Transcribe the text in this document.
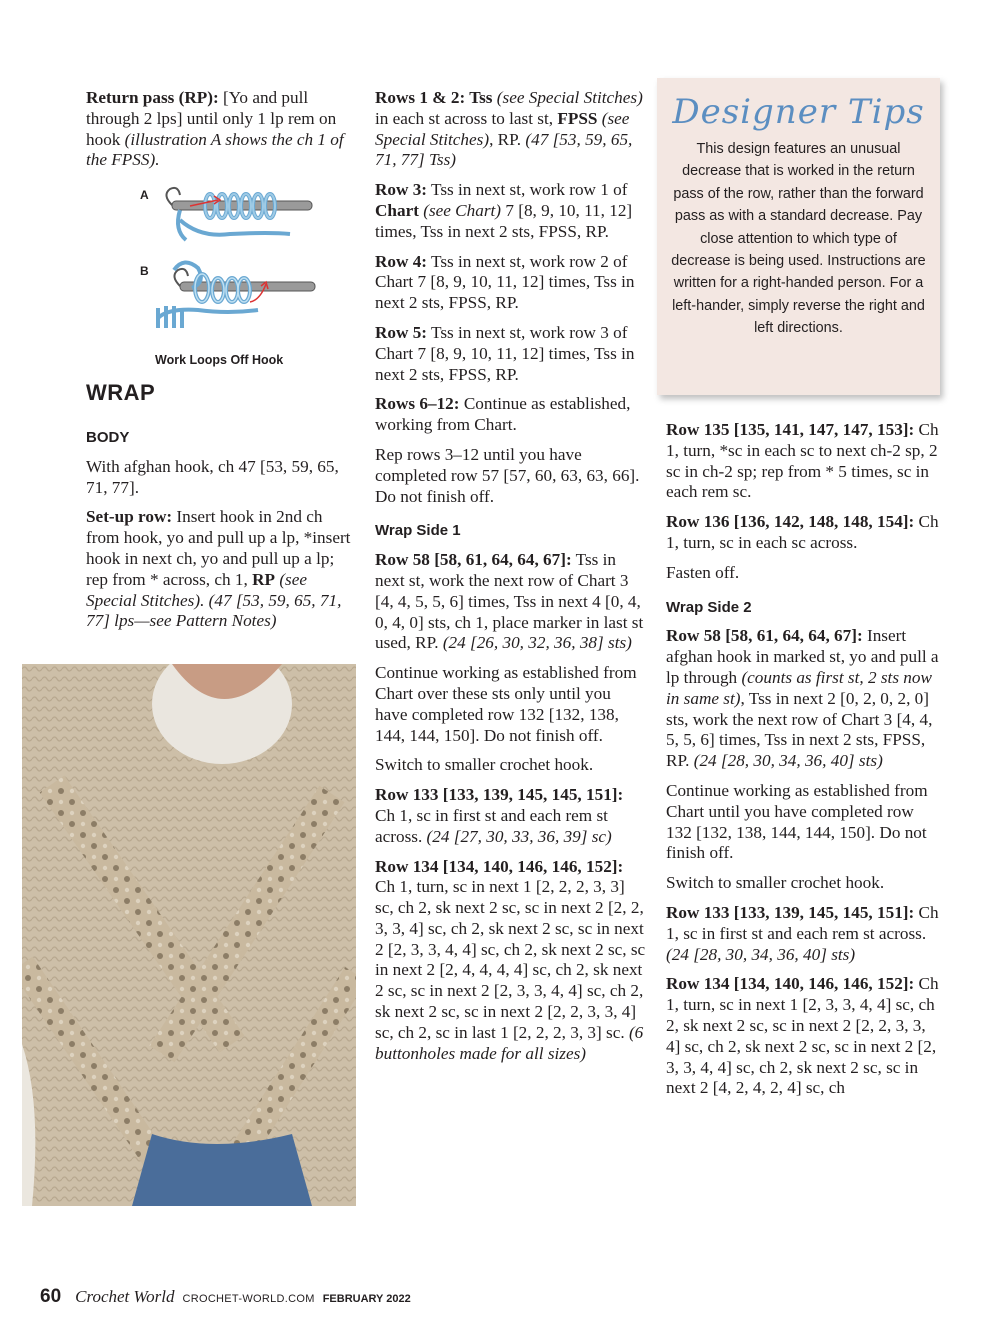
Return pass (RP): [Yo and pull through 2 lps] until only 1 lp rem on hook (illustration A shows the ch 1 of the FPSS).

A
B
Work Loops Off Hook
WRAP
BODY

With afghan hook, ch 47 [53, 59, 65, 71, 77].

Set-up row: Insert hook in 2nd ch from hook, yo and pull up a lp, *insert hook in next ch, yo and pull up a lp; rep from * across, ch 1, RP (see Special Stitches). (47 [53, 59, 65, 71, 77] lps—see Pattern Notes)

Rows 1 & 2: Tss (see Special Stitches) in each st across to last st, FPSS (see Special Stitches), RP. (47 [53, 59, 65, 71, 77] Tss)

Row 3: Tss in next st, work row 1 of Chart (see Chart) 7 [8, 9, 10, 11, 12] times, Tss in next 2 sts, FPSS, RP.

Row 4: Tss in next st, work row 2 of Chart 7 [8, 9, 10, 11, 12] times, Tss in next 2 sts, FPSS, RP.

Row 5: Tss in next st, work row 3 of Chart 7 [8, 9, 10, 11, 12] times, Tss in next 2 sts, FPSS, RP.

Rows 6–12: Continue as established, working from Chart.

Rep rows 3–12 until you have completed row 57 [57, 60, 63, 63, 66]. Do not finish off.

Wrap Side 1

Row 58 [58, 61, 64, 64, 67]: Tss in next st, work the next row of Chart 3 [4, 4, 5, 5, 6] times, Tss in next 4 [0, 4, 0, 4, 0] sts, ch 1, place marker in last st used, RP. (24 [26, 30, 32, 36, 38] sts)

Continue working as established from Chart over these sts only until you have completed row 132 [132, 138, 144, 144, 150]. Do not finish off.

Switch to smaller crochet hook.

Row 133 [133, 139, 145, 145, 151]: Ch 1, sc in first st and each rem st across. (24 [27, 30, 33, 36, 39] sc)

Row 134 [134, 140, 146, 146, 152]: Ch 1, turn, sc in next 1 [2, 2, 2, 3, 3] sc, ch 2, sk next 2 sc, sc in next 2 [2, 2, 3, 3, 4] sc, ch 2, sk next 2 sc, sc in next 2 [2, 3, 3, 4, 4] sc, ch 2, sk next 2 sc, sc in next 2 [2, 4, 4, 4, 4] sc, ch 2, sk next 2 sc, sc in next 2 [2, 3, 3, 4, 4] sc, ch 2, sk next 2 sc, sc in next 2 [2, 2, 3, 3, 4] sc, ch 2, sc in last 1 [2, 2, 2, 3, 3] sc. (6 buttonholes made for all sizes)

Designer Tips
This design features an unusual decrease that is worked in the return pass of the row, rather than the forward pass as with a standard decrease. Pay close attention to which type of decrease is being used. Instructions are written for a right-handed person. For a left-hander, simply reverse the right and left directions.

Row 135 [135, 141, 147, 147, 153]: Ch 1, turn, *sc in each sc to next ch-2 sp, 2 sc in ch-2 sp; rep from * 5 times, sc in each rem sc.

Row 136 [136, 142, 148, 148, 154]: Ch 1, turn, sc in each sc across.

Fasten off.

Wrap Side 2

Row 58 [58, 61, 64, 64, 67]: Insert afghan hook in marked st, yo and pull a lp through (counts as first st, 2 sts now in same st), Tss in next 2 [0, 2, 0, 2, 0] sts, work the next row of Chart 3 [4, 4, 5, 5, 6] times, Tss in next 2 sts, FPSS, RP. (24 [28, 30, 34, 36, 40] sts)

Continue working as established from Chart until you have completed row 132 [132, 138, 144, 144, 150]. Do not finish off.

Switch to smaller crochet hook.

Row 133 [133, 139, 145, 145, 151]: Ch 1, sc in first st and each rem st across. (24 [28, 30, 34, 36, 40] sts)

Row 134 [134, 140, 146, 146, 152]: Ch 1, turn, sc in next 1 [2, 3, 3, 4, 4] sc, ch 2, sk next 2 sc, sc in next 2 [2, 2, 3, 3, 4] sc, ch 2, sk next 2 sc, sc in next 2 [2, 3, 3, 4, 4] sc, ch 2, sk next 2 sc, sc in next 2 [4, 2, 4, 2, 4] sc, ch

60 Crochet World CROCHET-WORLD.COM FEBRUARY 2022
